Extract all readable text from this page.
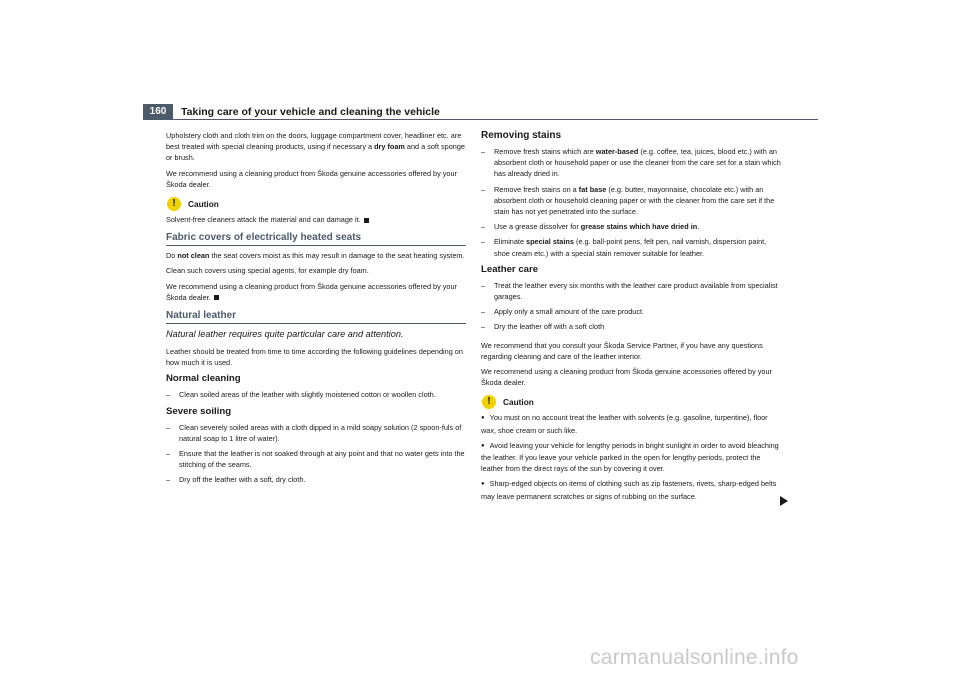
160	Taking care of your vehicle and cleaning the vehicle

Upholstery cloth and cloth trim on the doors, luggage compartment cover, headliner etc. are best treated with special cleaning products, using if necessary a dry foam and a soft sponge or brush.

We recommend using a cleaning product from Škoda genuine accessories offered by your Škoda dealer.

!	Caution

Solvent-free cleaners attack the material and can damage it.

Fabric covers of electrically heated seats

Do not clean the seat covers moist as this may result in damage to the seat heating system.

Clean such covers using special agents, for example dry foam.

We recommend using a cleaning product from Škoda genuine accessories offered by your Škoda dealer.

Natural leather
Natural leather requires quite particular care and attention.

Leather should be treated from time to time according the following guidelines depending on how much it is used.

Normal cleaning
– Clean soiled areas of the leather with slightly moistened cotton or woollen cloth.
Severe soiling
– Clean severely soiled areas with a cloth dipped in a mild soapy solution (2 spoon-fuls of natural soap to 1 litre of water).
– Ensure that the leather is not soaked through at any point and that no water gets into the stitching of the seams.
– Dry off the leather with a soft, dry cloth.
Removing stains
– Remove fresh stains which are water-based (e.g. coffee, tea, juices, blood etc.) with an absorbent cloth or household paper or use the cleaner from the care set for a stain which has already dried in.
– Remove fresh stains on a fat base (e.g. butter, mayonnaise, chocolate etc.) with an absorbent cloth or household cleaning paper or with the cleaner from the care set if the stain has not yet penetrated into the surface.
– Use a grease dissolver for grease stains which have dried in.
– Eliminate special stains (e.g. ball-point pens, felt pen, nail varnish, dispersion paint, shoe cream etc.) with a special stain remover suitable for leather.
Leather care
– Treat the leather every six months with the leather care product available from specialist garages.
– Apply only a small amount of the care product.
– Dry the leather off with a soft cloth

We recommend that you consult your Škoda Service Partner, if you have any questions regarding cleaning and care of the leather interior.

We recommend using a cleaning product from Škoda genuine accessories offered by your Škoda dealer.

!	Caution
● You must on no account treat the leather with solvents (e.g. gasoline, turpentine), floor wax, shoe cream or such like.
● Avoid leaving your vehicle for lengthy periods in bright sunlight in order to avoid bleaching the leather. If you leave your vehicle parked in the open for lengthy periods, protect the leather from the direct rays of the sun by covering it over.
● Sharp-edged objects on items of clothing such as zip fasteners, rivets, sharp-edged belts may leave permanent scratches or signs of rubbing on the surface.
carmanualsonline.info
